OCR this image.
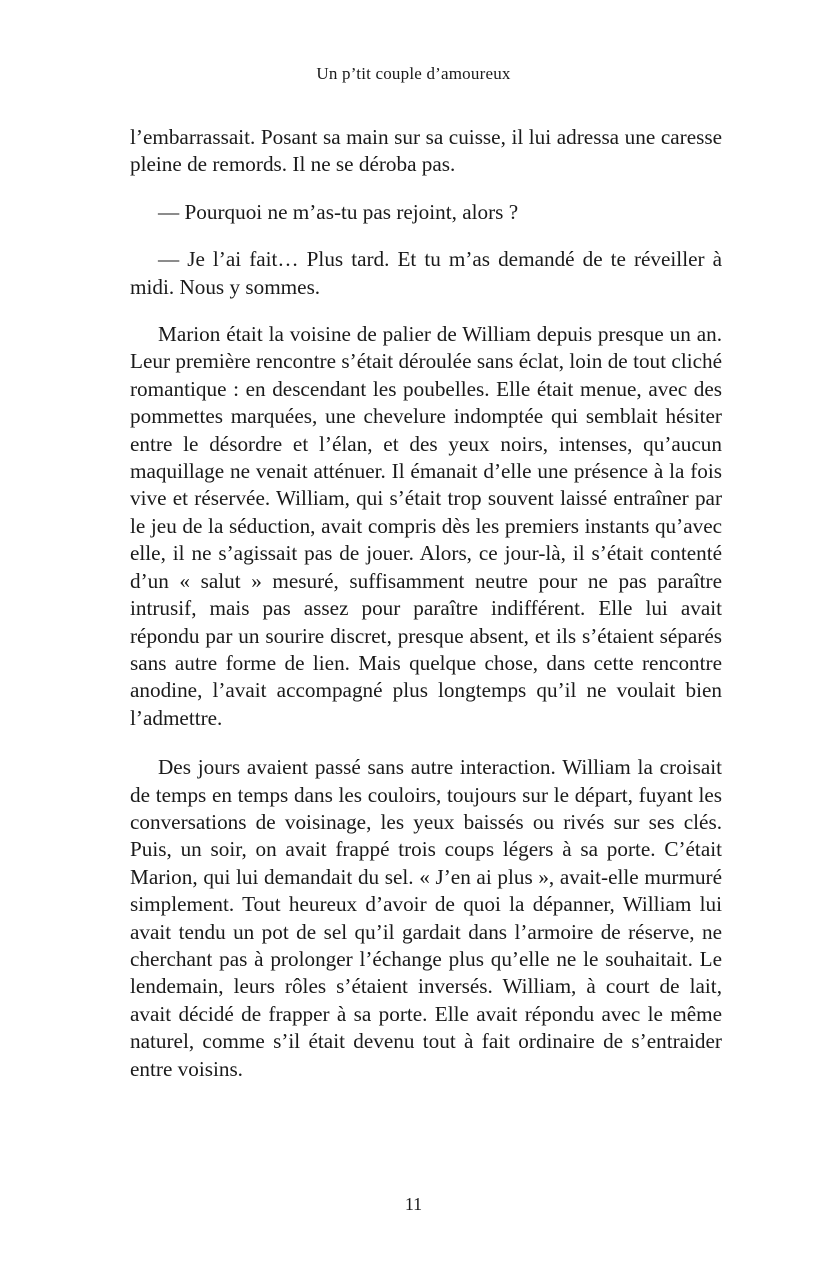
Un p’tit couple d’amoureux

l’embarrassait. Posant sa main sur sa cuisse, il lui adressa une caresse pleine de remords. Il ne se déroba pas.

— Pourquoi ne m’as-tu pas rejoint, alors ?

— Je l’ai fait… Plus tard. Et tu m’as demandé de te réveiller à midi. Nous y sommes.

Marion était la voisine de palier de William depuis presque un an. Leur première rencontre s’était déroulée sans éclat, loin de tout cliché romantique : en descendant les poubelles. Elle était menue, avec des pommettes marquées, une chevelure indomptée qui semblait hésiter entre le désordre et l’élan, et des yeux noirs, intenses, qu’aucun maquillage ne venait atténuer. Il émanait d’elle une présence à la fois vive et réservée. William, qui s’était trop souvent laissé entraîner par le jeu de la séduction, avait compris dès les premiers instants qu’avec elle, il ne s’agissait pas de jouer. Alors, ce jour-là, il s’était contenté d’un « salut » mesuré, suffisamment neutre pour ne pas paraître intrusif, mais pas assez pour paraître indifférent. Elle lui avait répondu par un sourire discret, presque absent, et ils s’étaient séparés sans autre forme de lien. Mais quelque chose, dans cette rencontre anodine, l’avait accompagné plus longtemps qu’il ne voulait bien l’admettre.

Des jours avaient passé sans autre interaction. William la croisait de temps en temps dans les couloirs, toujours sur le départ, fuyant les conversations de voisinage, les yeux baissés ou rivés sur ses clés. Puis, un soir, on avait frappé trois coups légers à sa porte. C’était Marion, qui lui demandait du sel. « J’en ai plus », avait-elle murmuré simplement. Tout heureux d’avoir de quoi la dépanner, William lui avait tendu un pot de sel qu’il gardait dans l’armoire de réserve, ne cherchant pas à prolonger l’échange plus qu’elle ne le souhaitait. Le lendemain, leurs rôles s’étaient inversés. William, à court de lait, avait décidé de frapper à sa porte. Elle avait répondu avec le même naturel, comme s’il était devenu tout à fait ordinaire de s’entraider entre voisins.

11
